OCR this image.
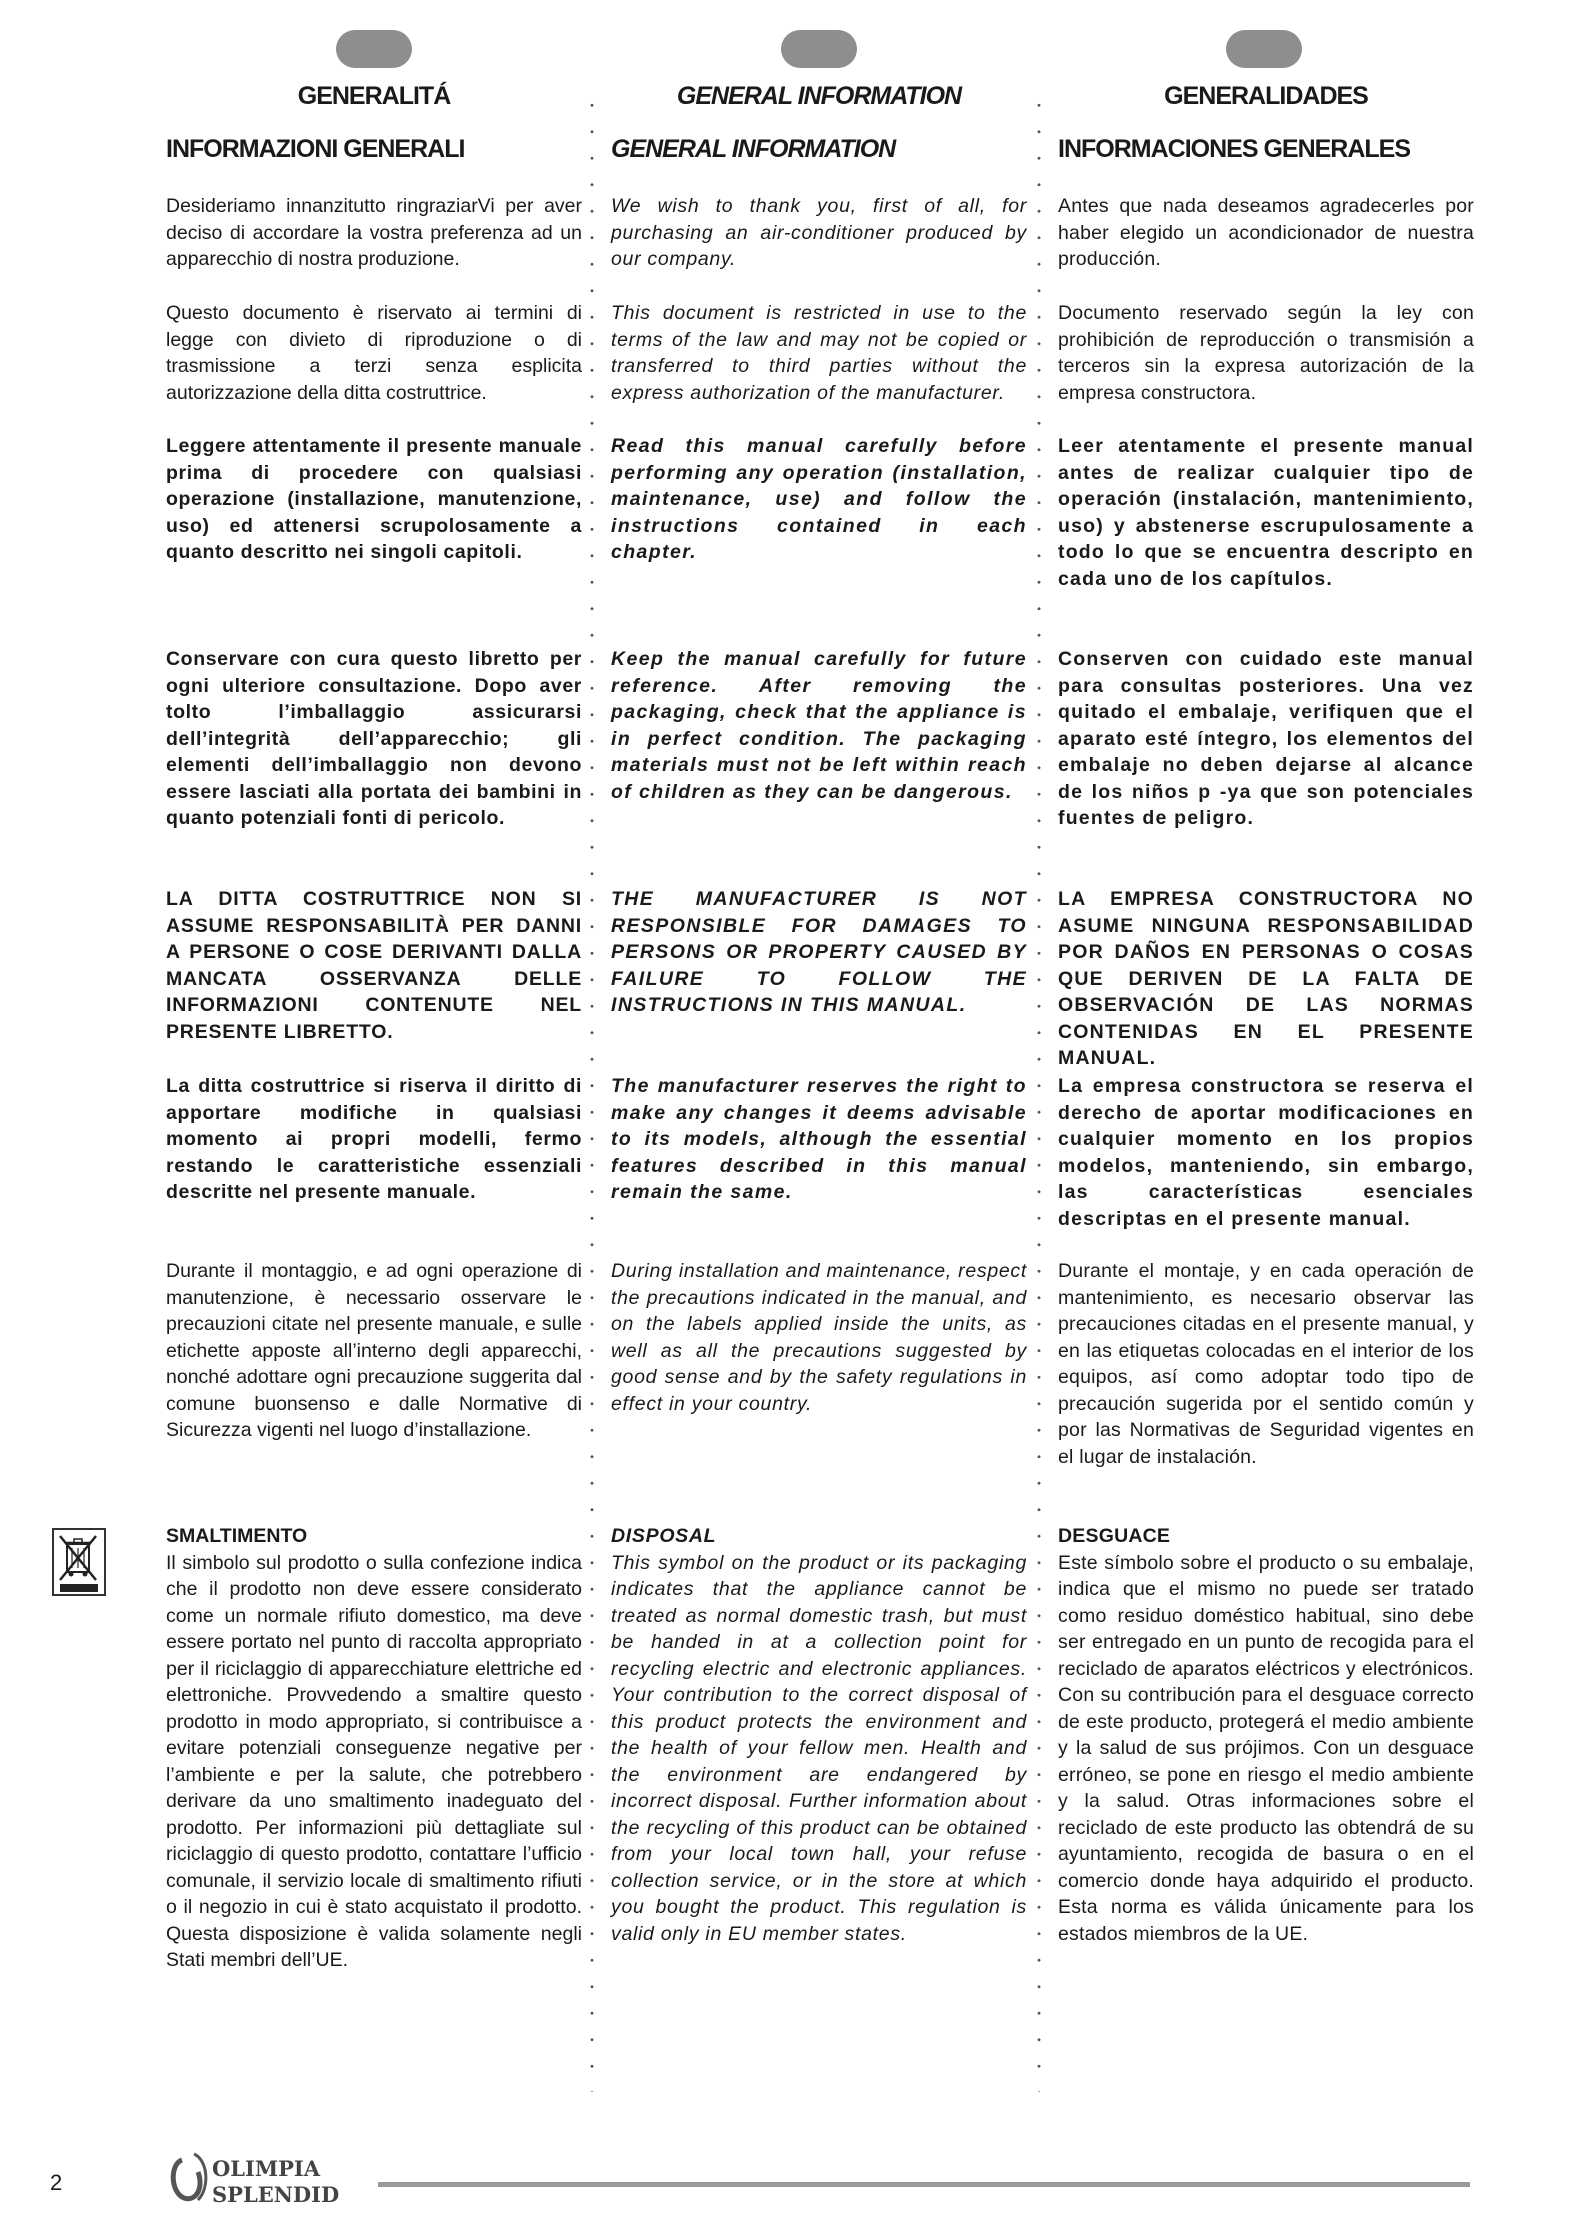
GENERALITÁ
INFORMAZIONI GENERALI

Desideriamo innanzitutto ringraziarVi per aver deciso di accordare la vostra preferenza ad un apparecchio di nostra produzione.

Questo documento è riservato ai termini di legge con divieto di riproduzione o di trasmissione a terzi senza esplicita autorizzazione della ditta costruttrice.

Leggere attentamente il presente manuale prima di procedere con qualsiasi operazione (installazione, manutenzione, uso) ed attenersi scrupolosamente a quanto descritto nei singoli capitoli.

Conservare con cura questo libretto per ogni ulteriore consultazione. Dopo aver tolto l’imballaggio assicurarsi dell’integrità dell’apparecchio; gli elementi dell’imballaggio non devono essere lasciati alla portata dei bambini in quanto potenziali fonti di pericolo.

LA DITTA COSTRUTTRICE NON SI ASSUME RESPONSABILITÀ PER DANNI A PERSONE O COSE DERIVANTI DALLA MANCATA OSSERVANZA DELLE INFORMAZIONI CONTENUTE NEL PRESENTE LIBRETTO.

La ditta costruttrice si riserva il diritto di apportare modifiche in qualsiasi momento ai propri modelli, fermo restando le caratteristiche essenziali descritte nel presente manuale.

Durante il montaggio, e ad ogni operazione di manutenzione, è necessario osservare le precauzioni citate nel presente manuale, e sulle etichette apposte all’interno degli apparecchi, nonché adottare ogni precauzione suggerita dal comune buonsenso e dalle Normative di Sicurezza vigenti nel luogo d’installazione.

SMALTIMENTO
Il simbolo sul prodotto o sulla confezione indica che il prodotto non deve essere considerato come un normale rifiuto domestico, ma deve essere portato nel punto di raccolta appropriato per il riciclaggio di apparecchiature elettriche ed elettroniche. Provvedendo a smaltire questo prodotto in modo appropriato, si contribuisce a evitare potenziali conseguenze negative per l’ambiente e per la salute, che potrebbero derivare da uno smaltimento inadeguato del prodotto. Per informazioni più dettagliate sul riciclaggio di questo prodotto, contattare l’ufficio comunale, il servizio locale di smaltimento rifiuti o il negozio in cui è stato acquistato il prodotto. Questa disposizione è valida solamente negli Stati membri dell’UE.
GENERAL INFORMATION
GENERAL INFORMATION

We wish to thank you, first of all, for purchasing an air-conditioner produced by our company.

This document is restricted in use to the terms of the law and may not be copied or transferred to third parties without the express authorization of the manufacturer.

Read this manual carefully before performing any operation (installation, maintenance, use) and follow the instructions contained in each chapter.

Keep the manual carefully for future reference. After removing the packaging, check that the appliance is in perfect condition. The packaging materials must not be left within reach of children as they can be dangerous.

THE MANUFACTURER IS NOT RESPONSIBLE FOR DAMAGES TO PERSONS OR PROPERTY CAUSED BY FAILURE TO FOLLOW THE INSTRUCTIONS IN THIS MANUAL.

The manufacturer reserves the right to make any changes it deems advisable to its models, although the essential features described in this manual remain the same.

During installation and maintenance, respect the precautions indicated in the manual, and on the labels applied inside the units, as well as all the precautions suggested by good sense and by the safety regulations in effect in your country.

DISPOSAL
This symbol on the product or its packaging indicates that the appliance cannot be treated as normal domestic trash, but must be handed in at a collection point for recycling electric and electronic appliances. Your contribution to the correct disposal of this product protects the environment and the health of your fellow men. Health and the environment are endangered by incorrect disposal. Further information about the recycling of this product can be obtained from your local town hall, your refuse collection service, or in the store at which you bought the product. This regulation is valid only in EU member states.
GENERALIDADES
INFORMACIONES GENERALES

Antes que nada deseamos agradecerles por haber elegido un acondicionador de nuestra producción.

Documento reservado según la ley con prohibición de reproducción o transmisión a terceros sin la expresa autorización de la empresa constructora.

Leer atentamente el presente manual antes de realizar cualquier tipo de operación (instalación, mantenimiento, uso) y abstenerse escrupulosamente a todo lo que se encuentra descripto en cada uno de los capítulos.

Conserven con cuidado este manual para consultas posteriores. Una vez quitado el embalaje, verifiquen que el aparato esté íntegro, los elementos del embalaje no deben dejarse al alcance de los niños p -ya que son potenciales fuentes de peligro.

LA EMPRESA CONSTRUCTORA NO ASUME NINGUNA RESPONSABILIDAD POR DAÑOS EN PERSONAS O COSAS QUE DERIVEN DE LA FALTA DE OBSERVACIÓN DE LAS NORMAS CONTENIDAS EN EL PRESENTE MANUAL.

La empresa constructora se reserva el derecho de aportar modificaciones en cualquier momento en los propios modelos, manteniendo, sin embargo, las características esenciales descriptas en el presente manual.

Durante el montaje, y en cada operación de mantenimiento, es necesario observar las precauciones citadas en el presente manual, y en las etiquetas colocadas en el interior de los equipos, así como adoptar todo tipo de precaución sugerida por el sentido común y por las Normativas de Seguridad vigentes en el lugar de instalación.

DESGUACE
Este símbolo sobre el producto o su embalaje, indica que el mismo no puede ser tratado como residuo doméstico habitual, sino debe ser entregado en un punto de recogida para el reciclado de aparatos eléctricos y electrónicos. Con su contribución para el desguace correcto de este producto, protegerá el medio ambiente y la salud de sus prójimos. Con un desguace erróneo, se pone en riesgo el medio ambiente y la salud. Otras informaciones sobre el reciclado de este producto las obtendrá de su ayuntamiento, recogida de basura o en el comercio donde haya adquirido el producto. Esta norma es válida únicamente para los estados miembros de la UE.
2
OLIMPIA
SPLENDID
